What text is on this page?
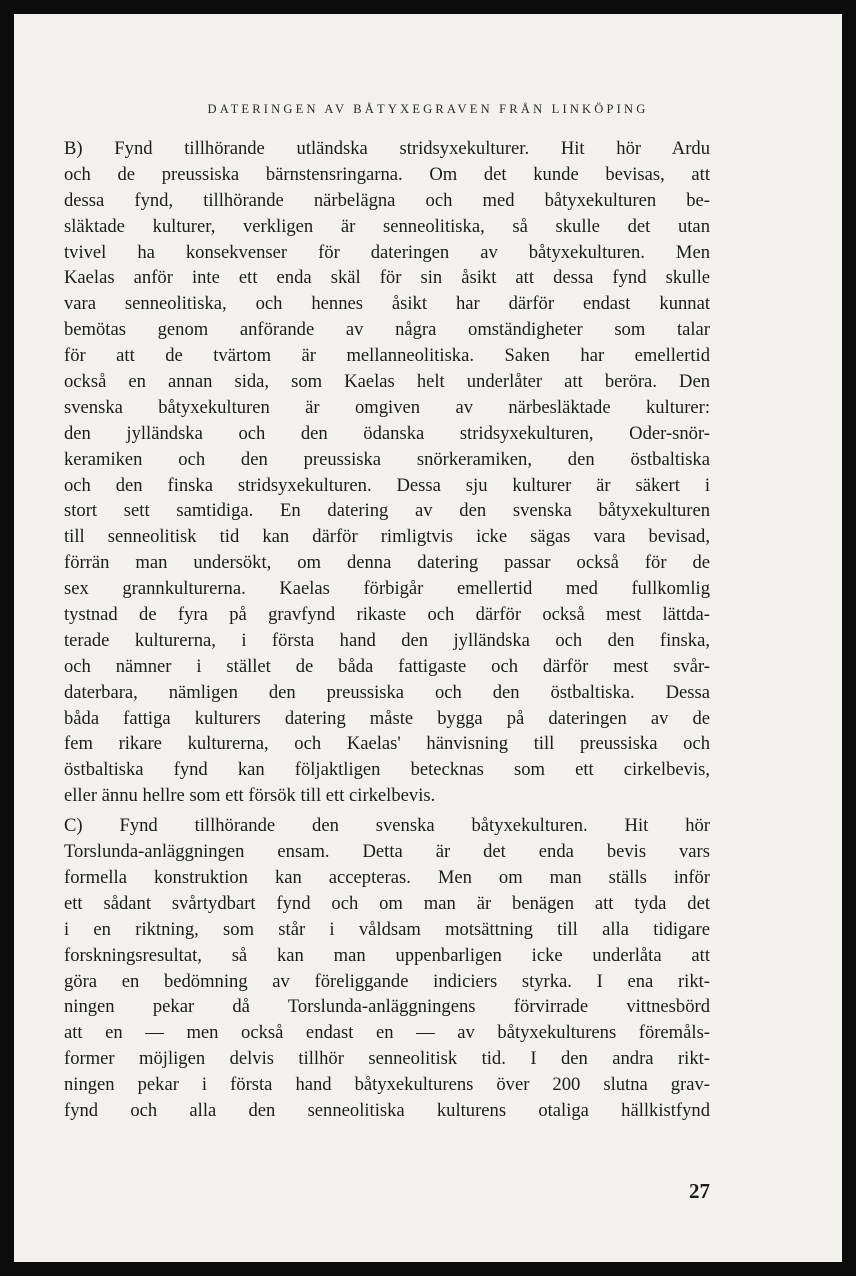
DATERINGEN AV BÅTYXEGRAVEN FRÅN LINKÖPING
B) Fynd tillhörande utländska stridsyxekulturer. Hit hör Ardu
och de preussiska bärnstensringarna. Om det kunde bevisas, att
dessa fynd, tillhörande närbelägna och med båtyxekulturen be-
släktade kulturer, verkligen är senneolitiska, så skulle det utan
tvivel ha konsekvenser för dateringen av båtyxekulturen. Men
Kaelas anför inte ett enda skäl för sin åsikt att dessa fynd skulle
vara senneolitiska, och hennes åsikt har därför endast kunnat
bemötas genom anförande av några omständigheter som talar
för att de tvärtom är mellanneolitiska. Saken har emellertid
också en annan sida, som Kaelas helt underlåter att beröra. Den
svenska båtyxekulturen är omgiven av närbesläktade kulturer:
den jylländska och den ödanska stridsyxekulturen, Oder-snör-
keramiken och den preussiska snörkeramiken, den östbaltiska
och den finska stridsyxekulturen. Dessa sju kulturer är säkert i
stort sett samtidiga. En datering av den svenska båtyxekulturen
till senneolitisk tid kan därför rimligtvis icke sägas vara bevisad,
förrän man undersökt, om denna datering passar också för de
sex grannkulturerna. Kaelas förbigår emellertid med fullkomlig
tystnad de fyra på gravfynd rikaste och därför också mest lättda-
terade kulturerna, i första hand den jylländska och den finska,
och nämner i stället de båda fattigaste och därför mest svår-
daterbara, nämligen den preussiska och den östbaltiska. Dessa
båda fattiga kulturers datering måste bygga på dateringen av de
fem rikare kulturerna, och Kaelas' hänvisning till preussiska och
östbaltiska fynd kan följaktligen betecknas som ett cirkelbevis,
eller ännu hellre som ett försök till ett cirkelbevis.
C) Fynd tillhörande den svenska båtyxekulturen. Hit hör
Torslunda-anläggningen ensam. Detta är det enda bevis vars
formella konstruktion kan accepteras. Men om man ställs inför
ett sådant svårtydbart fynd och om man är benägen att tyda det
i en riktning, som står i våldsam motsättning till alla tidigare
forskningsresultat, så kan man uppenbarligen icke underlåta att
göra en bedömning av föreliggande indiciers styrka. I ena rikt-
ningen pekar då Torslunda-anläggningens förvirrade vittnesbörd
att en — men också endast en — av båtyxekulturens föremåls-
former möjligen delvis tillhör senneolitisk tid. I den andra rikt-
ningen pekar i första hand båtyxekulturens över 200 slutna grav-
fynd och alla den senneolitiska kulturens otaliga hällkistfynd
27
